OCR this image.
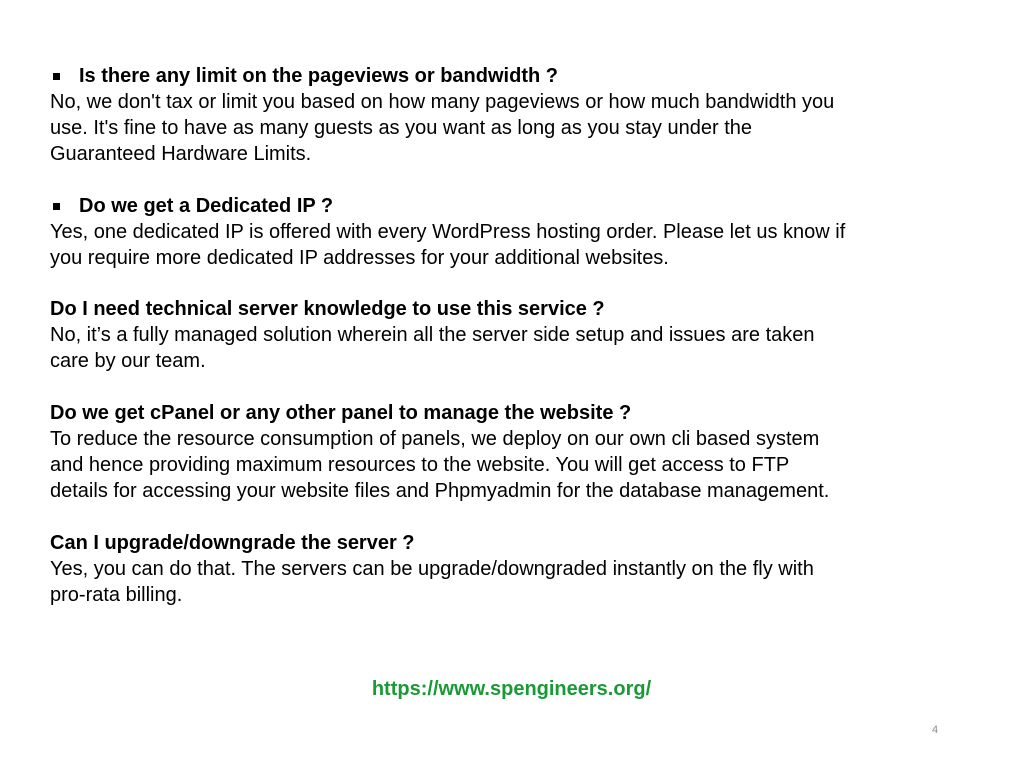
Is there any limit on the pageviews or bandwidth ?
No, we don't tax or limit you based on how many pageviews or how much bandwidth you
use. It's fine to have as many guests as you want as long as you stay under the
Guaranteed Hardware Limits.
Do we get a Dedicated IP ?
Yes, one dedicated IP is offered with every WordPress hosting order. Please let us know if
you require more dedicated IP addresses for your additional websites.
Do I need technical server knowledge to use this service ?
No, it’s a fully managed solution wherein all the server side setup and issues are taken
care by our team.
Do we get cPanel or any other panel to manage the website ?
To reduce the resource consumption of panels, we deploy on our own cli based system
and hence providing maximum resources to the website. You will get access to FTP
details for accessing your website files and Phpmyadmin for the database management.
Can I upgrade/downgrade the server ?
Yes, you can do that. The servers can be upgrade/downgraded instantly on the fly with
pro-rata billing.
https://www.spengineers.org/
4
